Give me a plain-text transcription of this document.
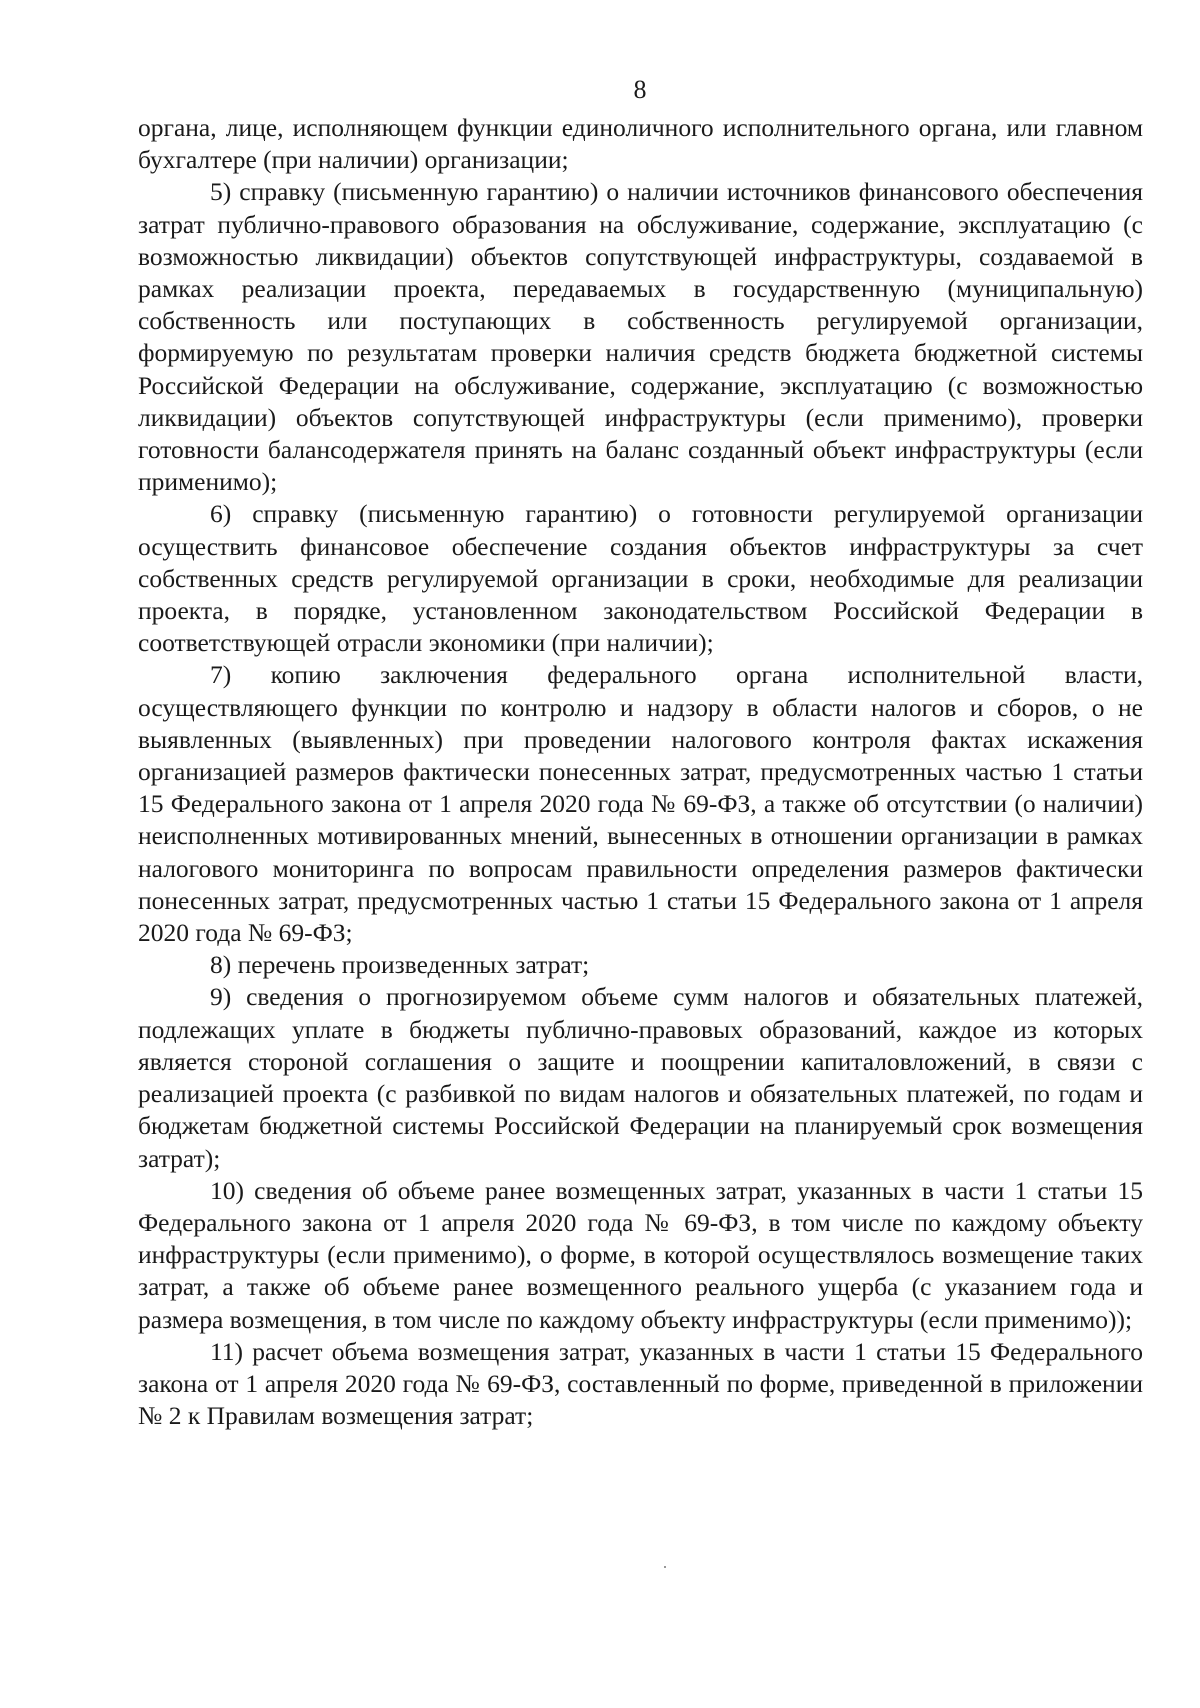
8

органа, лице, исполняющем функции единоличного исполнительного органа, или главном бухгалтере (при наличии) организации;

5) справку (письменную гарантию) о наличии источников финансового обеспечения затрат публично-правового образования на обслуживание, содержание, эксплуатацию (с возможностью ликвидации) объектов сопутствующей инфраструктуры, создаваемой в рамках реализации проекта, передаваемых в государственную (муниципальную) собственность или поступающих в собственность регулируемой организации, формируемую по результатам проверки наличия средств бюджета бюджетной системы Российской Федерации на обслуживание, содержание, эксплуатацию (с возможностью ликвидации) объектов сопутствующей инфраструктуры (если применимо), проверки готовности балансодержателя принять на баланс созданный объект инфраструктуры (если применимо);

6) справку (письменную гарантию) о готовности регулируемой организации осуществить финансовое обеспечение создания объектов инфраструктуры за счет собственных средств регулируемой организации в сроки, необходимые для реализации проекта, в порядке, установленном законодательством Российской Федерации в соответствующей отрасли экономики (при наличии);

7) копию заключения федерального органа исполнительной власти, осуществляющего функции по контролю и надзору в области налогов и сборов, о не выявленных (выявленных) при проведении налогового контроля фактах искажения организацией размеров фактически понесенных затрат, предусмотренных частью 1 статьи 15 Федерального закона от 1 апреля 2020 года № 69-ФЗ, а также об отсутствии (о наличии) неисполненных мотивированных мнений, вынесенных в отношении организации в рамках налогового мониторинга по вопросам правильности определения размеров фактически понесенных затрат, предусмотренных частью 1 статьи 15 Федерального закона от 1 апреля 2020 года № 69-ФЗ;

8) перечень произведенных затрат;

9) сведения о прогнозируемом объеме сумм налогов и обязательных платежей, подлежащих уплате в бюджеты публично-правовых образований, каждое из которых является стороной соглашения о защите и поощрении капиталовложений, в связи с реализацией проекта (с разбивкой по видам налогов и обязательных платежей, по годам и бюджетам бюджетной системы Российской Федерации на планируемый срок возмещения затрат);

10) сведения об объеме ранее возмещенных затрат, указанных в части 1 статьи 15 Федерального закона от 1 апреля 2020 года № 69-ФЗ, в том числе по каждому объекту инфраструктуры (если применимо), о форме, в которой осуществлялось возмещение таких затрат, а также об объеме ранее возмещенного реального ущерба (с указанием года и размера возмещения, в том числе по каждому объекту инфраструктуры (если применимо));

11) расчет объема возмещения затрат, указанных в части 1 статьи 15 Федерального закона от 1 апреля 2020 года № 69-ФЗ, составленный по форме, приведенной в приложении № 2 к Правилам возмещения затрат;
